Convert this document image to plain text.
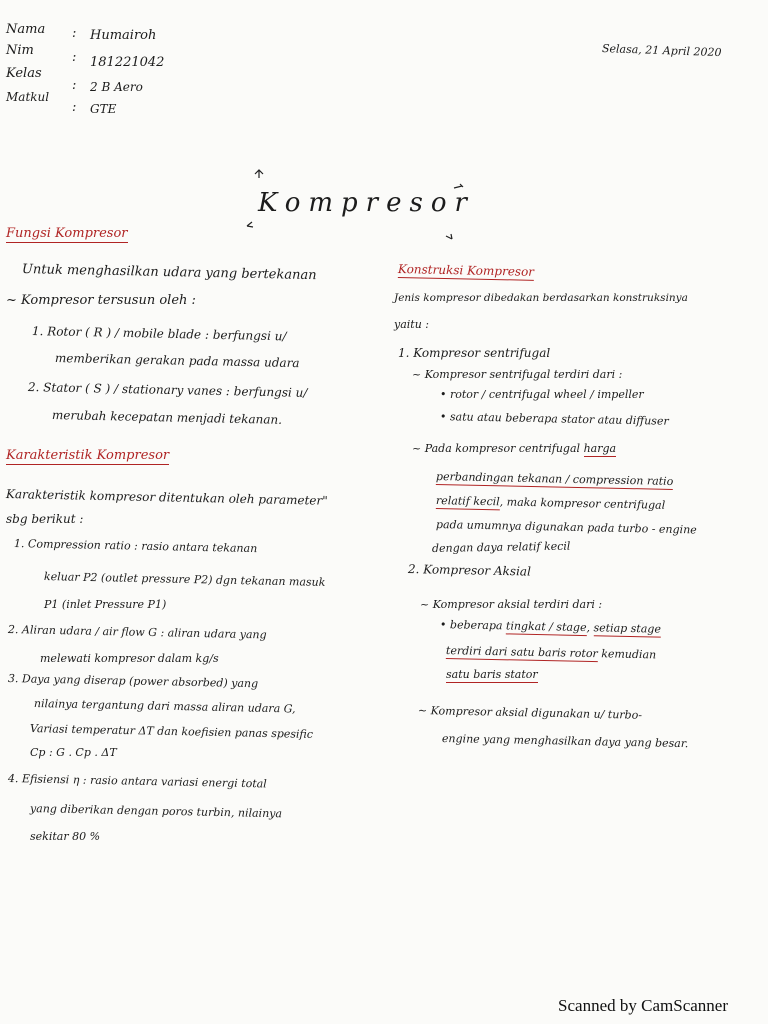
Nama : Humairoh
Nim	: 181221042
Kelas
: 2 B Aero
Matkul
: GTE
Selasa, 21 April 2020
Kompresor
Fungsi Kompresor
Untuk menghasilkan udara yang bertekanan
~ Kompresor tersusun oleh :
1. Rotor ( R ) / mobile blade : berfungsi u/
memberikan gerakan pada massa udara
2. Stator ( S ) / stationary vanes : berfungsi u/
merubah kecepatan menjadi tekanan.
Karakteristik Kompresor
Karakteristik kompresor ditentukan oleh parameter"
sbg berikut :
1. Compression ratio : rasio antara tekanan
keluar P2 (outlet pressure P2) dgn tekanan masuk
P1 (inlet Pressure P1)
2. Aliran udara / air flow G : aliran udara yang
melewati kompresor dalam kg/s
3. Daya yang diserap (power absorbed) yang
nilainya tergantung dari massa aliran udara G,
Variasi temperatur ΔT dan koefisien panas spesific
Cp : G . Cp . ΔT
4. Efisiensi η : rasio antara variasi energi total
yang diberikan dengan poros turbin, nilainya
sekitar 80 %
Konstruksi Kompresor
Jenis kompresor dibedakan berdasarkan konstruksinya
yaitu :
1. Kompresor sentrifugal
~ Kompresor sentrifugal terdiri dari :
• rotor / centrifugal wheel / impeller
• satu atau beberapa stator atau diffuser
~ Pada kompresor centrifugal harga
perbandingan tekanan / compression ratio
relatif kecil, maka kompresor centrifugal
pada umumnya digunakan pada turbo - engine
dengan daya relatif kecil
2. Kompresor Aksial
~ Kompresor aksial terdiri dari :
• beberapa tingkat / stage, setiap stage
terdiri dari satu baris rotor kemudian
satu baris stator
~ Kompresor aksial digunakan u/ turbo-
engine yang menghasilkan daya yang besar.
Scanned by CamScanner
